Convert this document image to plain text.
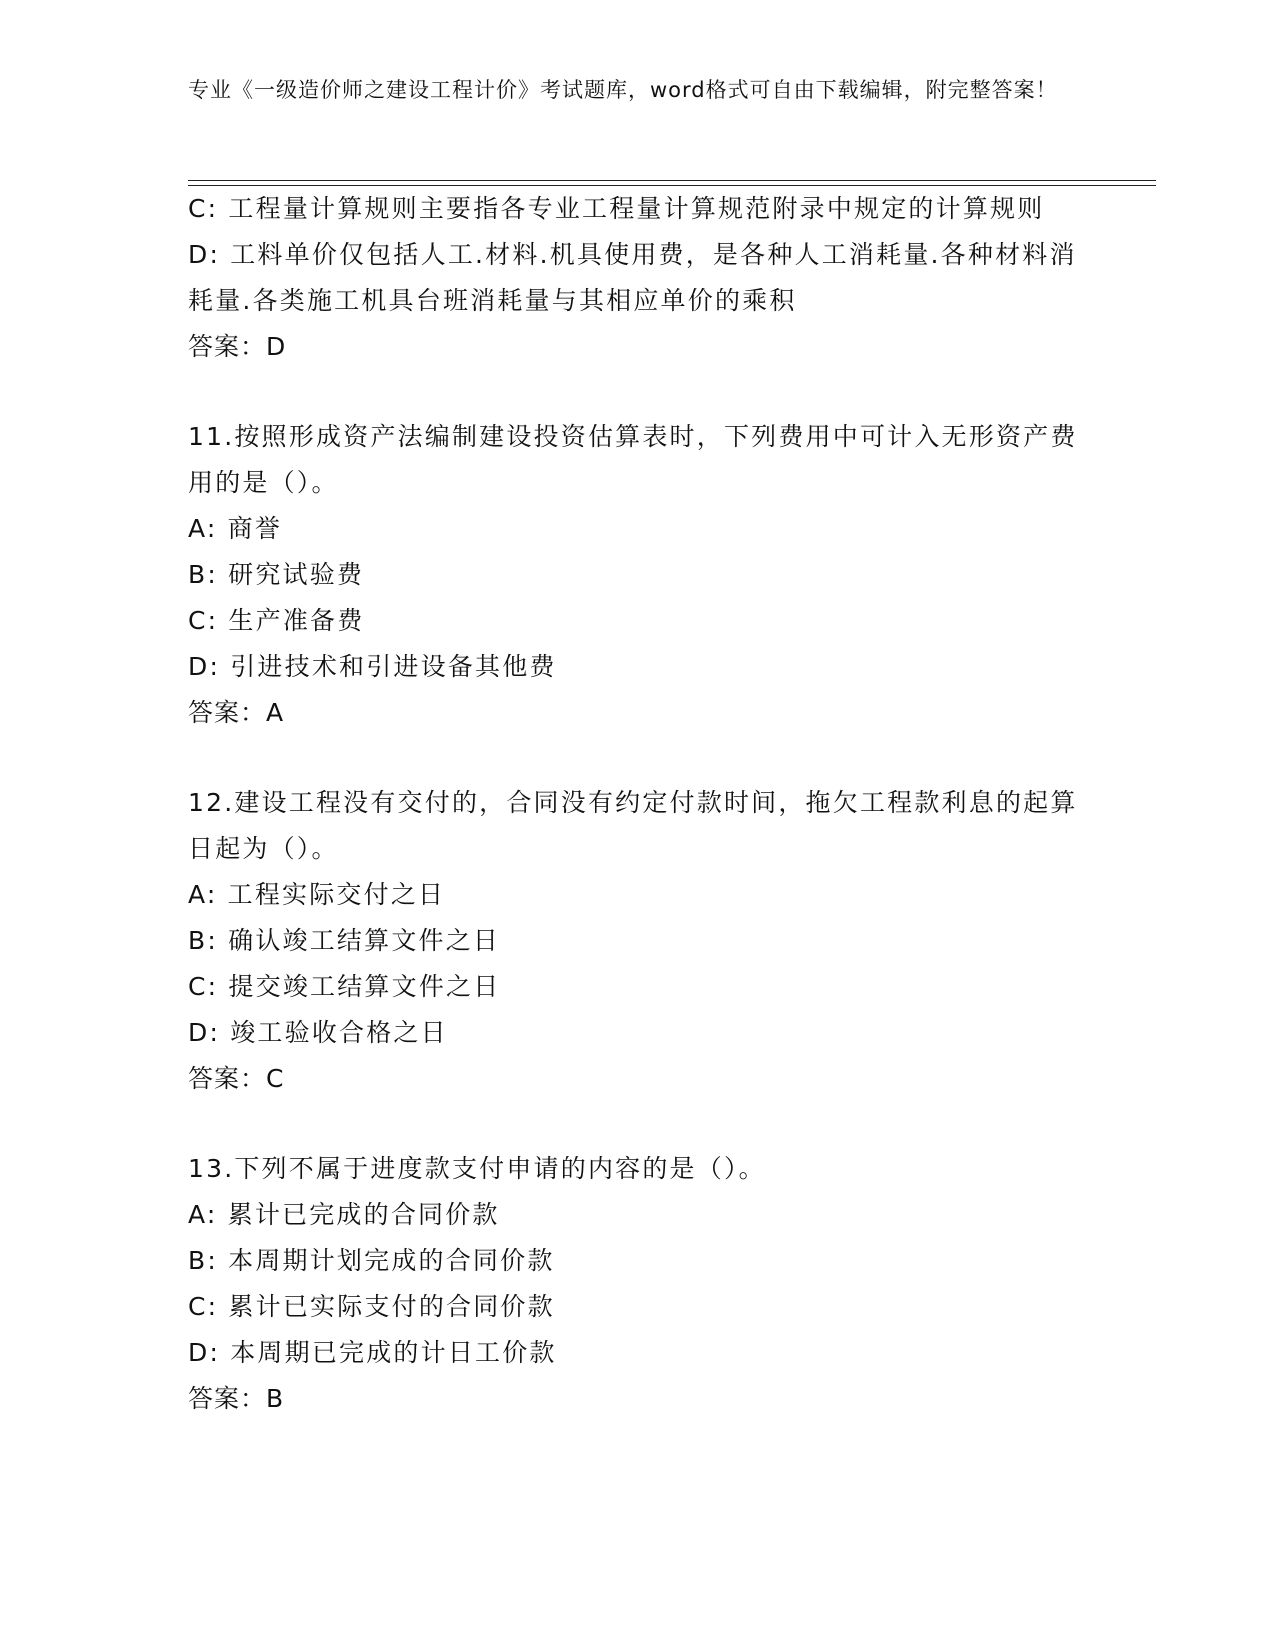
专业《一级造价师之建设工程计价》考试题库，word格式可自由下载编辑，附完整答案！

C: 工程量计算规则主要指各专业工程量计算规范附录中规定的计算规则

D: 工料单价仅包括人工.材料.机具使用费，是各种人工消耗量.各种材料消耗量.各类施工机具台班消耗量与其相应单价的乘积

答案：D

11.按照形成资产法编制建设投资估算表时，下列费用中可计入无形资产费用的是（）。

A: 商誉

B: 研究试验费

C: 生产准备费

D: 引进技术和引进设备其他费

答案：A

12.建设工程没有交付的，合同没有约定付款时间，拖欠工程款利息的起算日起为（）。

A: 工程实际交付之日

B: 确认竣工结算文件之日

C: 提交竣工结算文件之日

D: 竣工验收合格之日

答案：C

13.下列不属于进度款支付申请的内容的是（）。

A: 累计已完成的合同价款

B: 本周期计划完成的合同价款

C: 累计已实际支付的合同价款

D: 本周期已完成的计日工价款

答案：B
